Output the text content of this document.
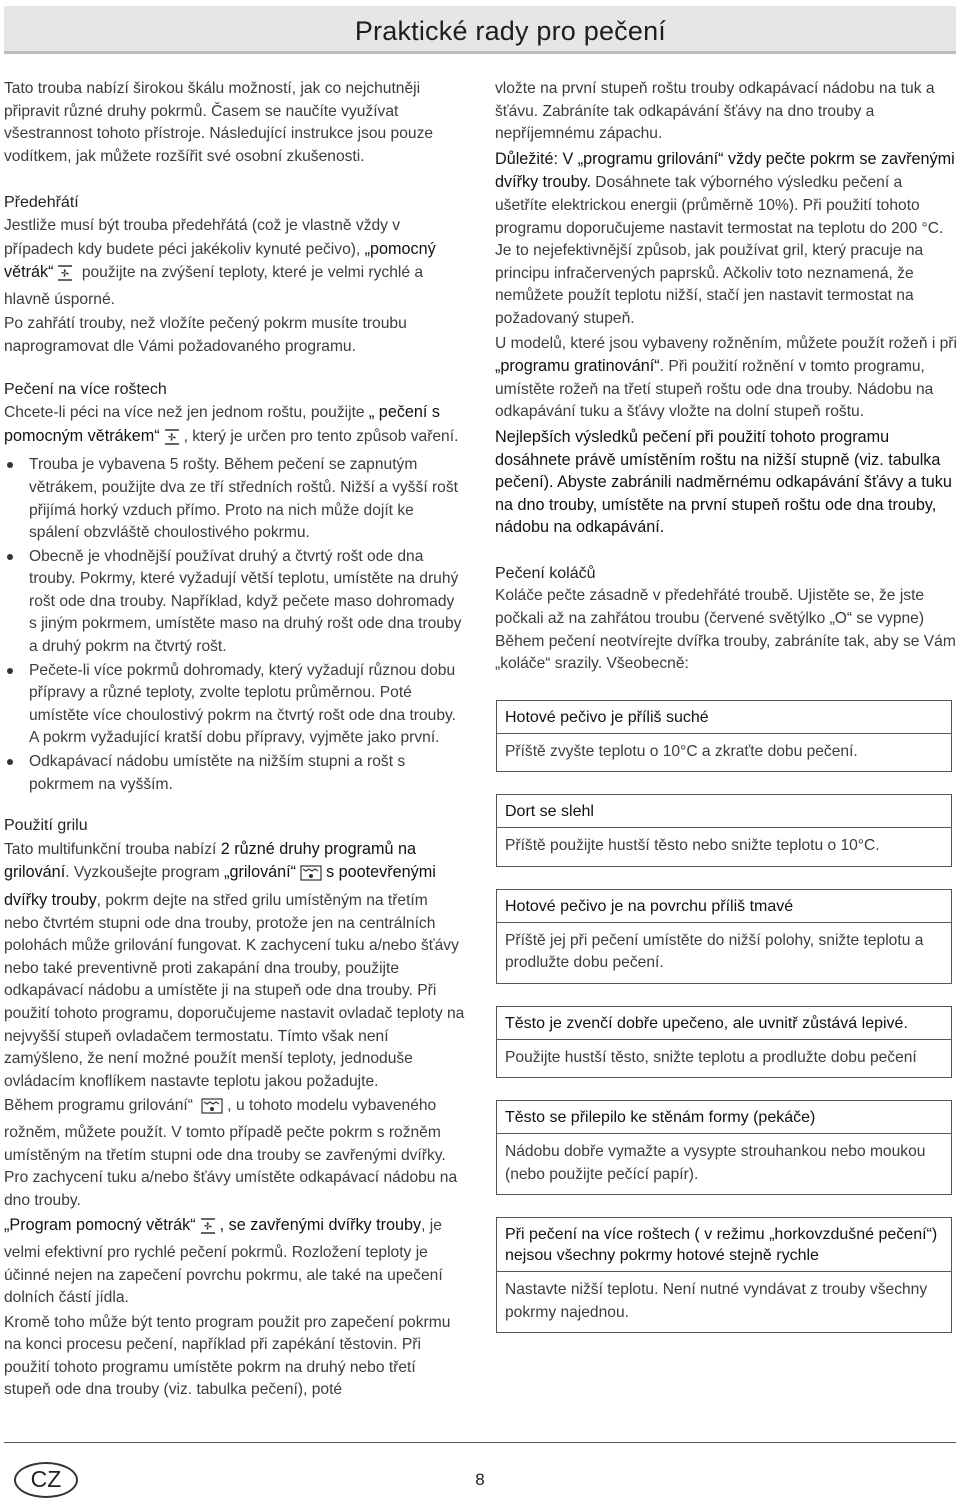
Praktické rady pro pečení

Tato trouba nabízí širokou škálu možností, jak co nejchutněji připravit různé druhy pokrmů. Časem se naučíte využívat všestrannost tohoto přístroje. Následující instrukce jsou pouze vodítkem, jak můžete rozšířit své osobní zkušenosti.

Předehřátí

Jestliže musí být trouba předehřátá (což je vlastně vždy v případech kdy budete péci jakékoliv kynuté pečivo), „pomocný větrák“ použijte na zvýšení teploty, které je velmi rychlé a hlavně úsporné.

Po zahřátí trouby, než vložíte pečený pokrm musíte troubu naprogramovat dle Vámi požadovaného programu.

Pečení na více roštech

Chcete-li péci na více než jen jednom roštu, použijte „ pečení s pomocným větrákem“ , který je určen pro tento způsob vaření.

Trouba je vybavena 5 rošty. Během pečení se zapnutým větrákem, použijte dva ze tří středních roštů. Nižší a vyšší rošt přijímá horký vzduch přímo. Proto na nich může dojít ke spálení obzvláště choulostivého pokrmu.
Obecně je vhodnější používat druhý a čtvrtý rošt ode dna trouby. Pokrmy, které vyžadují větší teplotu, umístěte na druhý rošt ode dna trouby. Například, když pečete maso dohromady s jiným pokrmem, umístěte maso na druhý rošt ode dna trouby a druhý pokrm na čtvrtý rošt.
Pečete-li více pokrmů dohromady, který vyžadují různou dobu přípravy a různé teploty, zvolte teplotu průměrnou. Poté umístěte více choulostivý pokrm na čtvrtý rošt ode dna trouby. A pokrm vyžadující kratší dobu přípravy, vyjměte jako první.
Odkapávací nádobu umístěte na nižším stupni a rošt s pokrmem na vyšším.
Použití grilu

Tato multifunkční trouba nabízí 2 různé druhy programů na grilování. Vyzkoušejte program „grilování“ s pootevřenými dvířky trouby, pokrm dejte na střed grilu umístěným na třetím nebo čtvrtém stupni ode dna trouby, protože jen na centrálních polohách může grilování fungovat. K zachycení tuku a/nebo šťávy nebo také preventivně proti zakapání dna trouby, použijte odkapávací nádobu a umístěte ji na stupeň ode dna trouby. Při použití tohoto programu, doporučujeme nastavit ovladač teploty na nejvyšší stupeň ovladačem termostatu. Tímto však není zamýšleno, že není možné použít menší teploty, jednoduše ovládacím knoflíkem nastavte teplotu jakou požadujte.

Během programu grilování“ , u tohoto modelu vybaveného rožněm, můžete použít. V tomto případě pečte pokrm s rožněm umístěným na třetím stupni ode dna trouby se zavřenými dvířky. Pro zachycení tuku a/nebo šťávy umístěte odkapávací nádobu na dno trouby.

„Program pomocný větrák“ , se zavřenými dvířky trouby, je velmi efektivní pro rychlé pečení pokrmů. Rozložení teploty je účinné nejen na zapečení povrchu pokrmu, ale také na upečení dolních částí jídla.

Kromě toho může být tento program použit pro zapečení pokrmu na konci procesu pečení, například při zapékání těstovin. Při použití tohoto programu umístěte pokrm na druhý nebo třetí stupeň ode dna trouby (viz. tabulka pečení), poté

vložte na první stupeň roštu trouby odkapávací nádobu na tuk a šťávu. Zabráníte tak odkapávání šťávy na dno trouby a nepříjemnému zápachu.

Důležité: V „programu grilování“ vždy pečte pokrm se zavřenými dvířky trouby. Dosáhnete tak výborného výsledku pečení a ušetříte elektrickou energii (průměrně 10%). Při použití tohoto programu doporučujeme nastavit termostat na teplotu do 200 °C. Je to nejefektivnější způsob, jak používat gril, který pracuje na principu infračervených paprsků. Ačkoliv toto neznamená, že nemůžete použít teplotu nižší, stačí jen nastavit termostat na požadovaný stupeň.

U modelů, které jsou vybaveny rožněním, můžete použít rožeň i při „programu gratinování“. Při použití rožnění v tomto programu, umístěte rožeň na třetí stupeň roštu ode dna trouby. Nádobu na odkapávání tuku a šťávy vložte na dolní stupeň roštu.

Nejlepších výsledků pečení při použití tohoto programu dosáhnete právě umístěním roštu na nižší stupně (viz. tabulka pečení). Abyste zabránili nadměrnému odkapávání šťávy a tuku na dno trouby, umístěte na první stupeň roštu ode dna trouby, nádobu na odkapávání.

Pečení koláčů

Koláče pečte zásadně v předehřáté troubě. Ujistěte se, že jste počkali až na zahřátou troubu (červené světýlko „O“ se vypne) Během pečení neotvírejte dvířka trouby, zabráníte tak, aby se Vám „koláče“ srazily. Všeobecně:

Hotové pečivo je příliš suché
Příště zvyšte teplotu o 10°C a zkraťte dobu pečení.
Dort se slehl
Příště použijte hustší těsto nebo snižte teplotu o 10°C.
Hotové pečivo je na povrchu příliš tmavé
Příště jej při pečení umístěte do nižší polohy, snižte teplotu a prodlužte dobu pečení.
Těsto je zvenčí dobře upečeno, ale uvnitř zůstává lepivé.
Použijte hustší těsto, snižte teplotu a prodlužte dobu pečení
Těsto se přilepilo ke stěnám formy (pekáče)
Nádobu dobře vymažte a vysypte strouhankou nebo moukou (nebo použijte pečící papír).
Při pečení na více roštech ( v režimu „horkovzdušné pečení“) nejsou všechny pokrmy hotové stejně rychle
Nastavte nižší teplotu. Není nutné vyndávat z trouby všechny pokrmy najednou.
CZ	8
